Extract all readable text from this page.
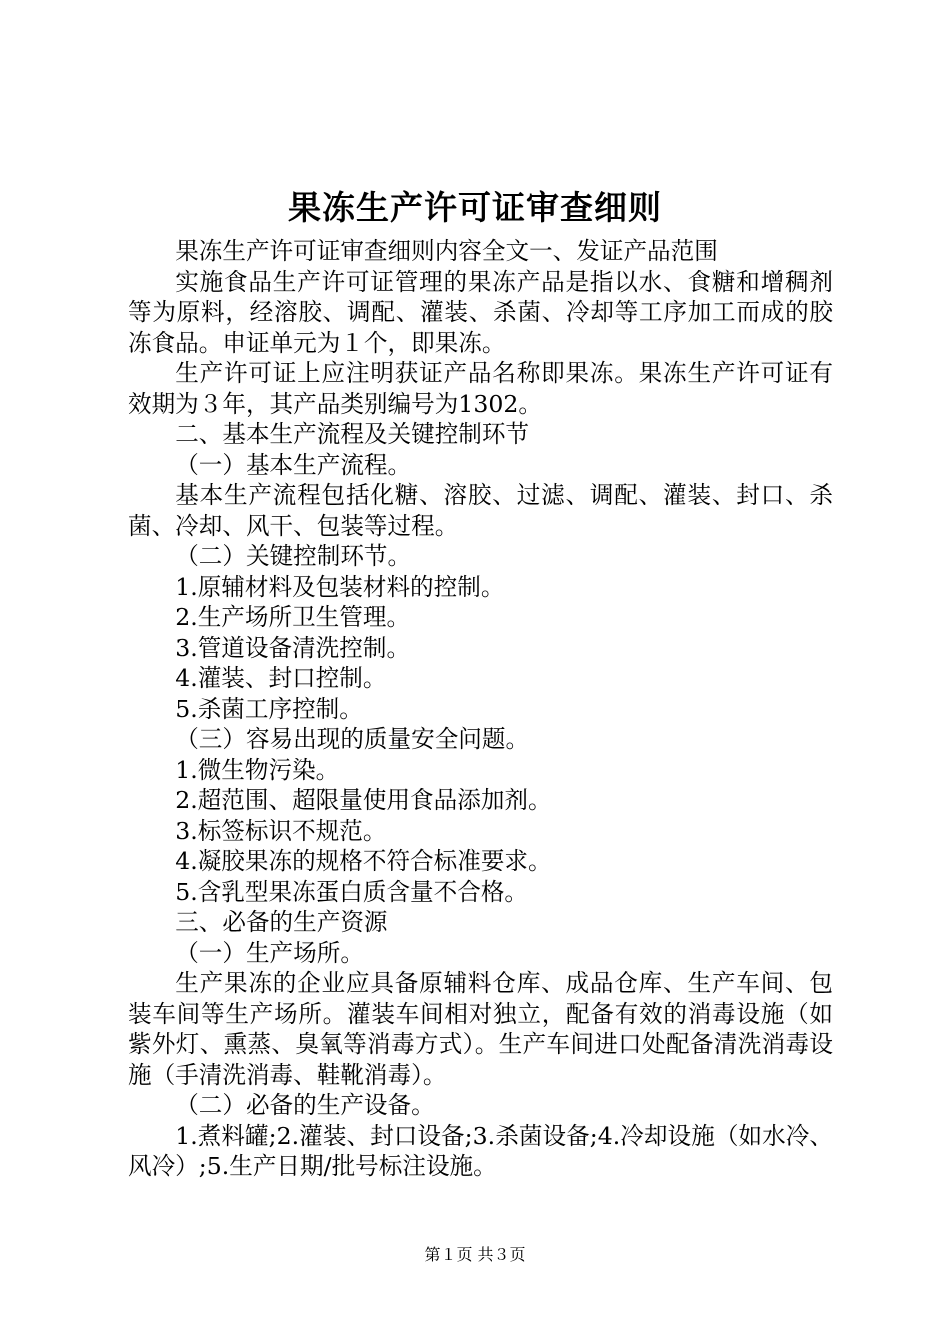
果冻生产许可证审查细则

果冻生产许可证审查细则内容全文一、发证产品范围

实施食品生产许可证管理的果冻产品是指以水、食糖和增稠剂等为原料，经溶胶、调配、灌装、杀菌、冷却等工序加工而成的胶冻食品。申证单元为１个，即果冻。

生产许可证上应注明获证产品名称即果冻。果冻生产许可证有效期为３年，其产品类别编号为1302。

二、基本生产流程及关键控制环节

（一）基本生产流程。

基本生产流程包括化糖、溶胶、过滤、调配、灌装、封口、杀菌、冷却、风干、包装等过程。

（二）关键控制环节。

1.原辅材料及包装材料的控制。

2.生产场所卫生管理。

3.管道设备清洗控制。

4.灌装、封口控制。

5.杀菌工序控制。

（三）容易出现的质量安全问题。

1.微生物污染。

2.超范围、超限量使用食品添加剂。

3.标签标识不规范。

4.凝胶果冻的规格不符合标准要求。

5.含乳型果冻蛋白质含量不合格。

三、必备的生产资源

（一）生产场所。

生产果冻的企业应具备原辅料仓库、成品仓库、生产车间、包装车间等生产场所。灌装车间相对独立，配备有效的消毒设施（如紫外灯、熏蒸、臭氧等消毒方式）。生产车间进口处配备清洗消毒设施（手清洗消毒、鞋靴消毒）。

（二）必备的生产设备。

1.煮料罐;2.灌装、封口设备;3.杀菌设备;4.冷却设施（如水冷、风冷）;5.生产日期/批号标注设施。

第１页 共３页
